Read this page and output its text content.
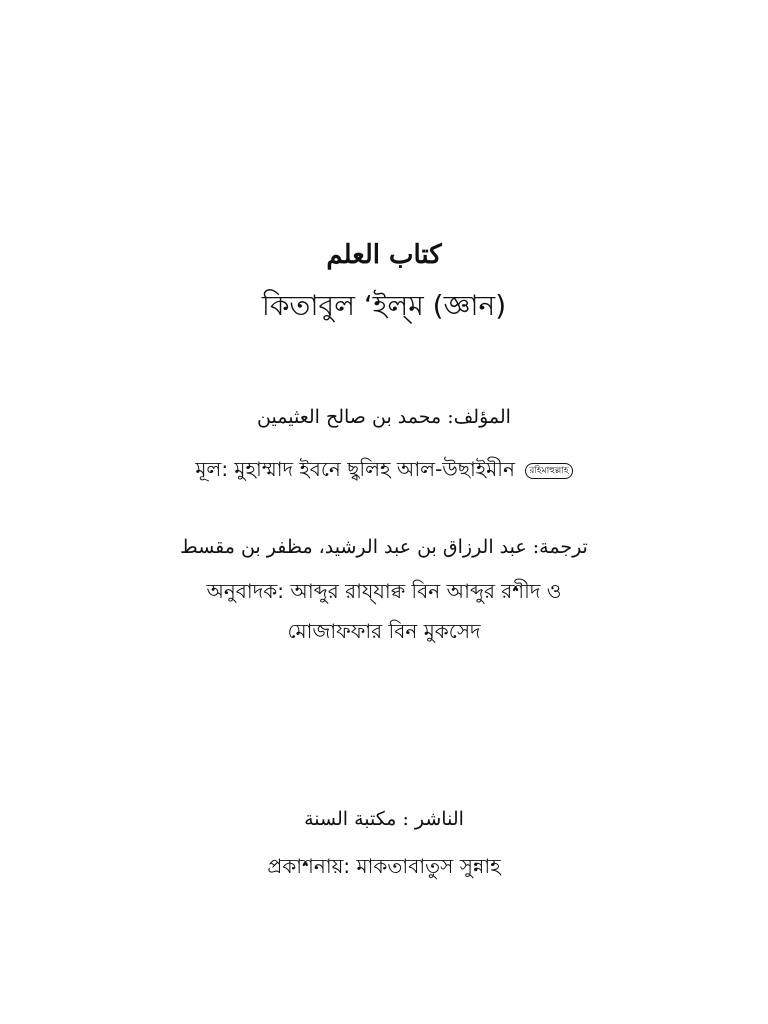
كتاب العلم
কিতাবুল ‘ইল্‌ম (জ্ঞান)
المؤلف: محمد بن صالح العثيمين
মূল: মুহাম্মাদ ইবনে ছ্বলিহ আল-উছাইমীন রহিমাহুল্লাহ
ترجمة: عبد الرزاق بن عبد الرشيد، مظفر بن مقسط
অনুবাদক: আব্দুর রায্‌যাক্ব বিন আব্দুর রশীদ ও
মোজাফফার বিন মুকসেদ
الناشر : مكتبة السنة
প্রকাশনায়: মাকতাবাতুস সুন্নাহ
